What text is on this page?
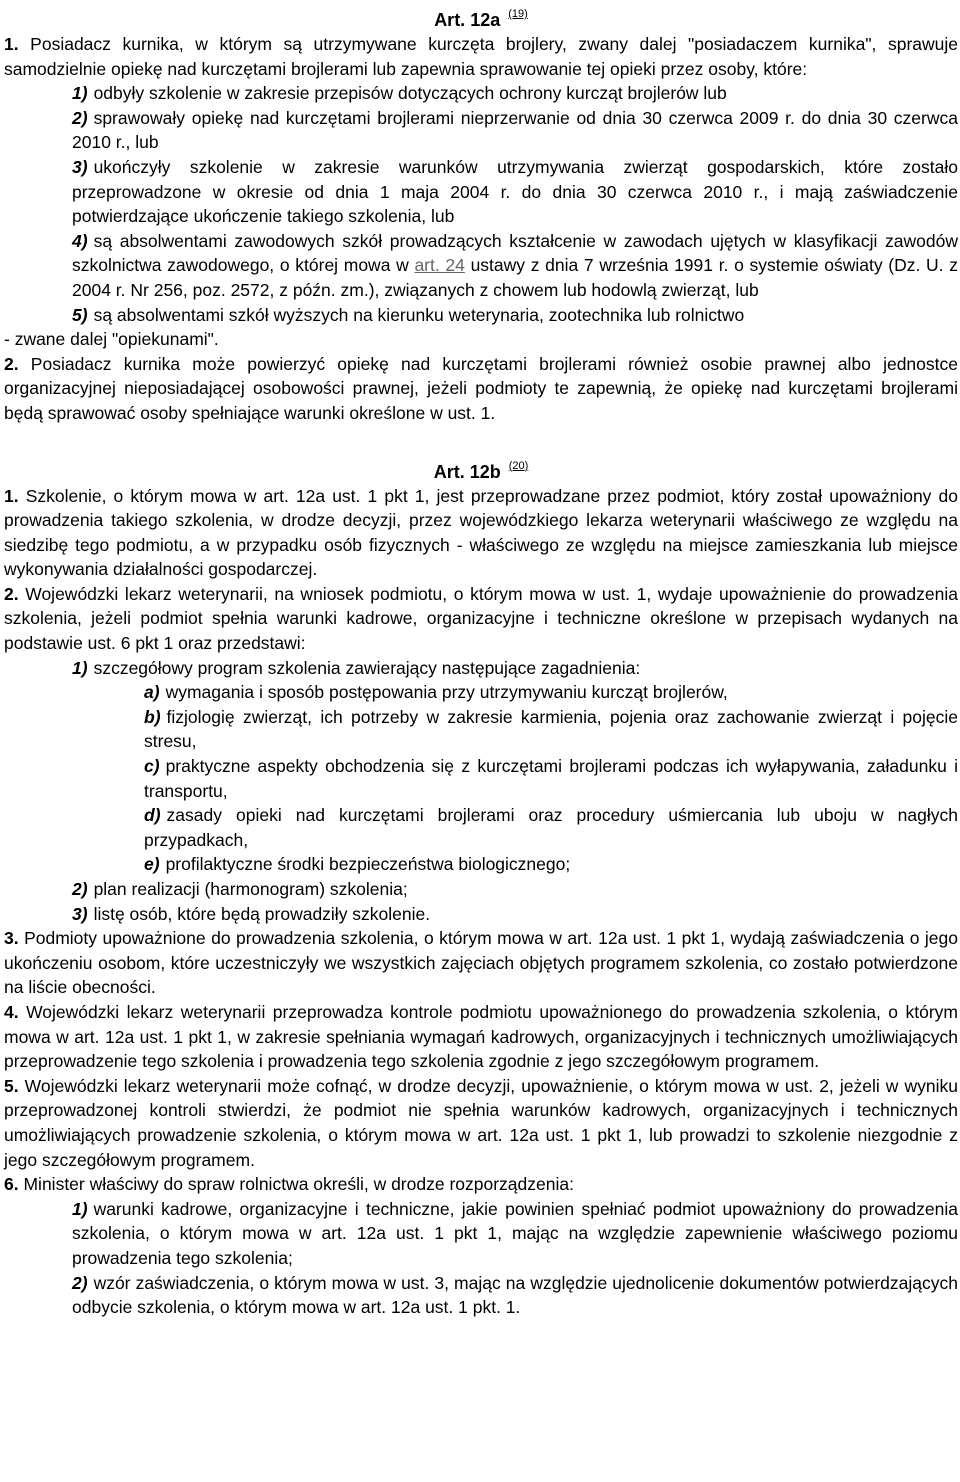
Art. 12a $^{(19)}$

1. Posiadacz kurnika, w którym są utrzymywane kurczęta brojlery, zwany dalej "posiadaczem kurnika", sprawuje samodzielnie opiekę nad kurczętami brojlerami lub zapewnia sprawowanie tej opieki przez osoby, które:

1) odbyły szkolenie w zakresie przepisów dotyczących ochrony kurcząt brojlerów lub

2) sprawowały opiekę nad kurczętami brojlerami nieprzerwanie od dnia 30 czerwca 2009 r. do dnia 30 czerwca 2010 r., lub

3) ukończyły szkolenie w zakresie warunków utrzymywania zwierząt gospodarskich, które zostało przeprowadzone w okresie od dnia 1 maja 2004 r. do dnia 30 czerwca 2010 r., i mają zaświadczenie potwierdzające ukończenie takiego szkolenia, lub

4) są absolwentami zawodowych szkół prowadzących kształcenie w zawodach ujętych w klasyfikacji zawodów szkolnictwa zawodowego, o której mowa w art. 24 ustawy z dnia 7 września 1991 r. o systemie oświaty (Dz. U. z 2004 r. Nr 256, poz. 2572, z późn. zm.), związanych z chowem lub hodowlą zwierząt, lub

5) są absolwentami szkół wyższych na kierunku weterynaria, zootechnika lub rolnictwo

- zwane dalej "opiekunami".

2. Posiadacz kurnika może powierzyć opiekę nad kurczętami brojlerami również osobie prawnej albo jednostce organizacyjnej nieposiadającej osobowości prawnej, jeżeli podmioty te zapewnią, że opiekę nad kurczętami brojlerami będą sprawować osoby spełniające warunki określone w ust. 1.

Art. 12b $^{(20)}$

1. Szkolenie, o którym mowa w art. 12a ust. 1 pkt 1, jest przeprowadzane przez podmiot, który został upoważniony do prowadzenia takiego szkolenia, w drodze decyzji, przez wojewódzkiego lekarza weterynarii właściwego ze względu na siedzibę tego podmiotu, a w przypadku osób fizycznych - właściwego ze względu na miejsce zamieszkania lub miejsce wykonywania działalności gospodarczej.

2. Wojewódzki lekarz weterynarii, na wniosek podmiotu, o którym mowa w ust. 1, wydaje upoważnienie do prowadzenia szkolenia, jeżeli podmiot spełnia warunki kadrowe, organizacyjne i techniczne określone w przepisach wydanych na podstawie ust. 6 pkt 1 oraz przedstawi:

1) szczegółowy program szkolenia zawierający następujące zagadnienia:

a) wymagania i sposób postępowania przy utrzymywaniu kurcząt brojlerów,

b) fizjologię zwierząt, ich potrzeby w zakresie karmienia, pojenia oraz zachowanie zwierząt i pojęcie stresu,

c) praktyczne aspekty obchodzenia się z kurczętami brojlerami podczas ich wyłapywania, załadunku i transportu,

d) zasady opieki nad kurczętami brojlerami oraz procedury uśmiercania lub uboju w nagłych przypadkach,

e) profilaktyczne środki bezpieczeństwa biologicznego;

2) plan realizacji (harmonogram) szkolenia;

3) listę osób, które będą prowadziły szkolenie.

3. Podmioty upoważnione do prowadzenia szkolenia, o którym mowa w art. 12a ust. 1 pkt 1, wydają zaświadczenia o jego ukończeniu osobom, które uczestniczyły we wszystkich zajęciach objętych programem szkolenia, co zostało potwierdzone na liście obecności.

4. Wojewódzki lekarz weterynarii przeprowadza kontrole podmiotu upoważnionego do prowadzenia szkolenia, o którym mowa w art. 12a ust. 1 pkt 1, w zakresie spełniania wymagań kadrowych, organizacyjnych i technicznych umożliwiających przeprowadzenie tego szkolenia i prowadzenia tego szkolenia zgodnie z jego szczegółowym programem.

5. Wojewódzki lekarz weterynarii może cofnąć, w drodze decyzji, upoważnienie, o którym mowa w ust. 2, jeżeli w wyniku przeprowadzonej kontroli stwierdzi, że podmiot nie spełnia warunków kadrowych, organizacyjnych i technicznych umożliwiających prowadzenie szkolenia, o którym mowa w art. 12a ust. 1 pkt 1, lub prowadzi to szkolenie niezgodnie z jego szczegółowym programem.

6. Minister właściwy do spraw rolnictwa określi, w drodze rozporządzenia:

1) warunki kadrowe, organizacyjne i techniczne, jakie powinien spełniać podmiot upoważniony do prowadzenia szkolenia, o którym mowa w art. 12a ust. 1 pkt 1, mając na względzie zapewnienie właściwego poziomu prowadzenia tego szkolenia;

2) wzór zaświadczenia, o którym mowa w ust. 3, mając na względzie ujednolicenie dokumentów potwierdzających odbycie szkolenia, o którym mowa w art. 12a ust. 1 pkt. 1.
